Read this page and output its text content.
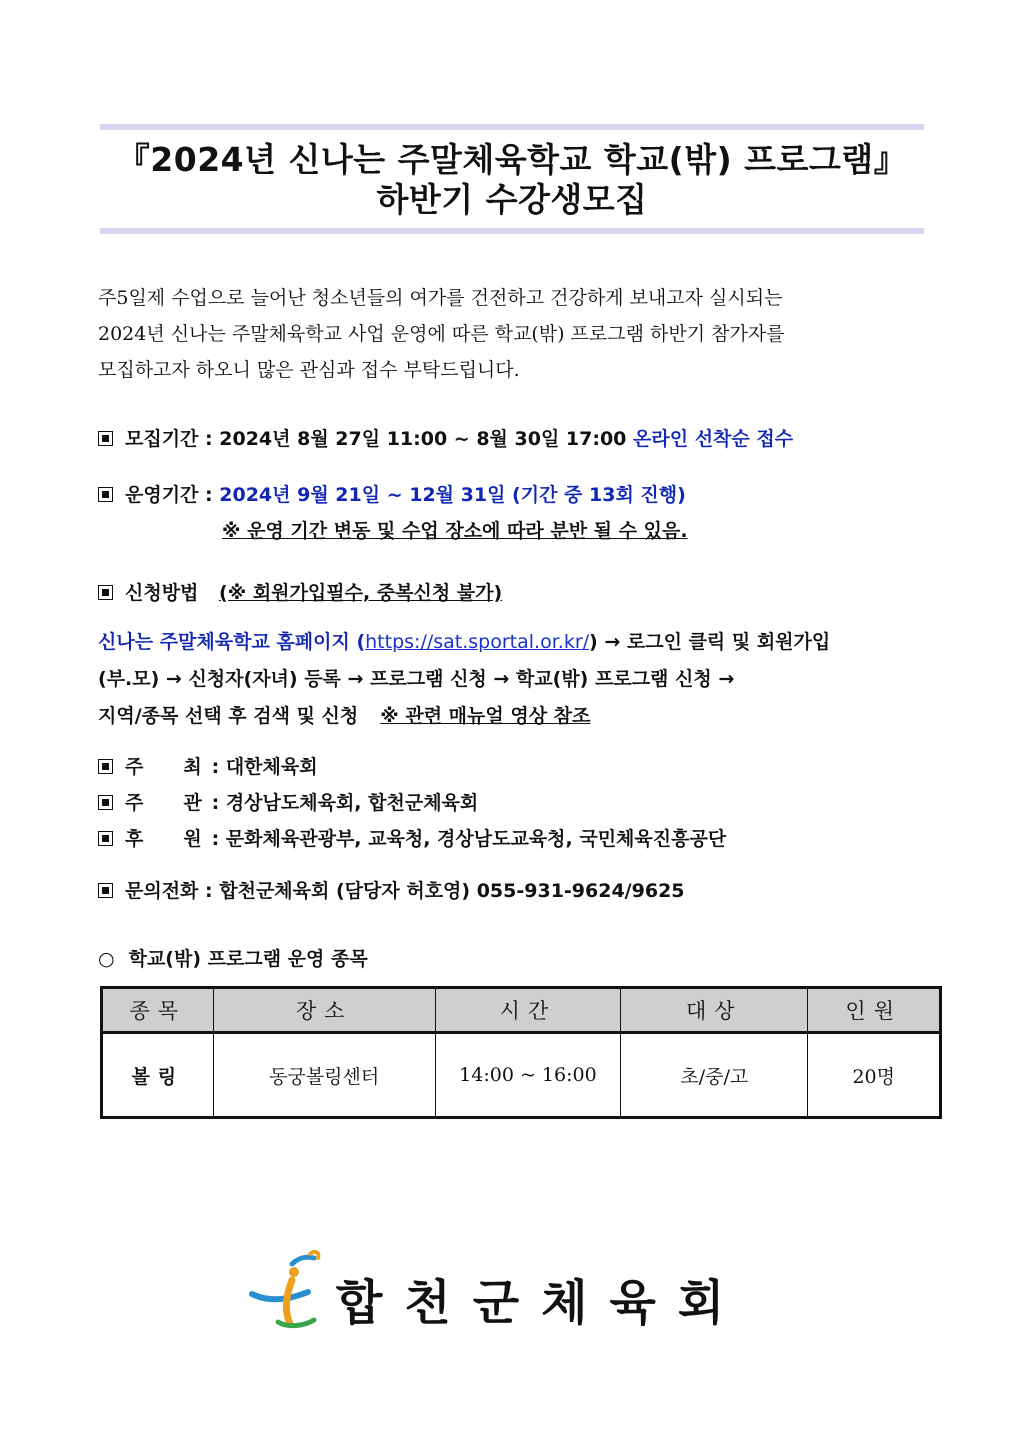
『2024년 신나는 주말체육학교 학교(밖) 프로그램』
하반기 수강생모집

주5일제 수업으로 늘어난 청소년들의 여가를 건전하고 건강하게 보내고자 실시되는

2024년 신나는 주말체육학교 사업 운영에 따른 학교(밖) 프로그램 하반기 참가자를

모집하고자 하오니 많은 관심과 접수 부탁드립니다.

모집기간 : 2024년 8월 27일 11:00 ~ 8월 30일 17:00 온라인 선착순 접수
운영기간 : 2024년 9월 21일 ~ 12월 31일 (기간 중 13회 진행)
※ 운영 기간 변동 및 수업 장소에 따라 분반 될 수 있음.
신청방법 (※ 회원가입필수, 중복신청 불가)

신나는 주말체육학교 홈페이지 (https://sat.sportal.or.kr/) → 로그인 클릭 및 회원가입

(부.모) → 신청자(자녀) 등록 → 프로그램 신청 → 학교(밖) 프로그램 신청 →

지역/종목 선택 후 검색 및 신청 ※ 관련 매뉴얼 영상 참조

주 최 : 대한체육회
주 관 : 경상남도체육회, 합천군체육회
후 원 : 문화체육관광부, 교육청, 경상남도교육청, 국민체육진흥공단
문의전화 : 합천군체육회 (담당자 허호영) 055-931-9624/9625
○ 학교(밖) 프로그램 운영 종목
종목	장소	시간	대상	인원
볼링	동궁볼링센터	14:00 ~ 16:00	초/중/고	20명
합천군체육회
